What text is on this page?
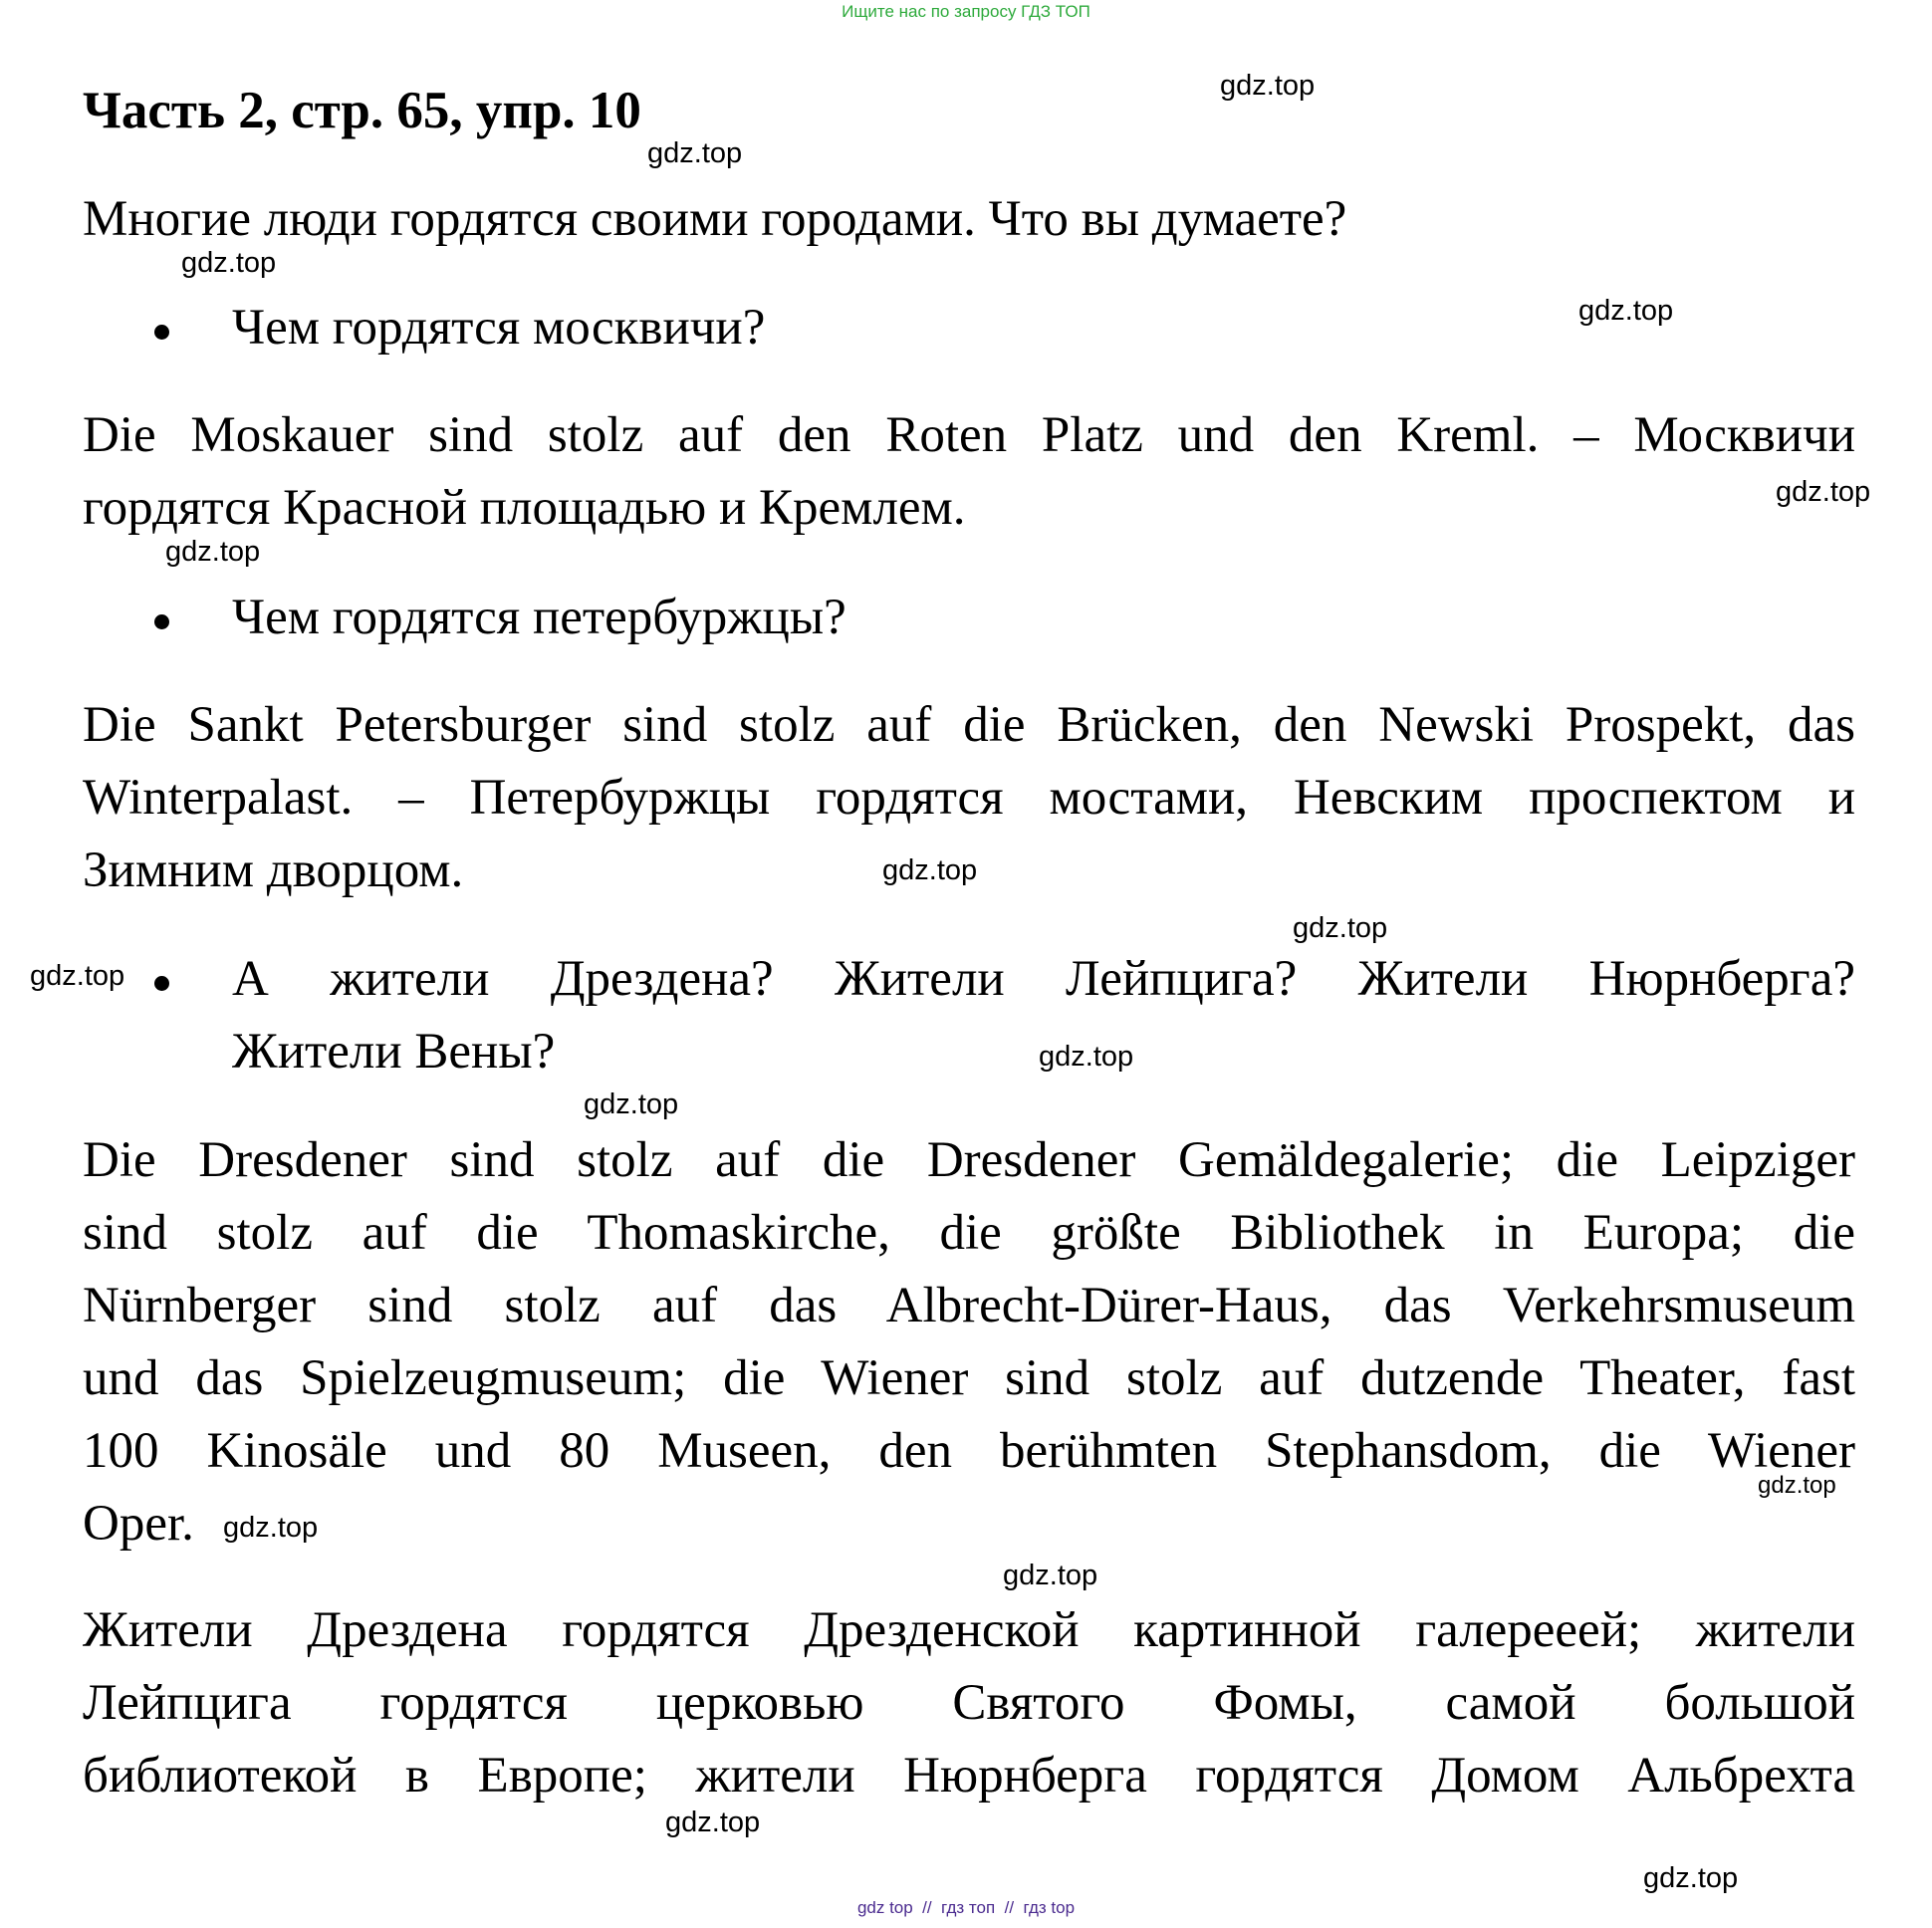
Ищите нас по запросу ГДЗ ТОП
Часть 2, стр. 65, упр. 10
Многие люди гордятся своими городами. Что вы думаете?
Чем гордятся москвичи?
Die Moskauer sind stolz auf den Roten Platz und den Kreml. – Москвичи
гордятся Красной площадью и Кремлем.
Чем гордятся петербуржцы?
Die Sankt Petersburger sind stolz auf die Brücken, den Newski Prospekt, das
Winterpalast. – Петербуржцы гордятся мостами, Невским проспектом и
Зимним дворцом.
А жители Дрездена? Жители Лейпцига? Жители Нюрнберга?
Жители Вены?
Die Dresdener sind stolz auf die Dresdener Gemäldegalerie; die Leipziger
sind stolz auf die Thomaskirche, die größte Bibliothek in Europa; die
Nürnberger sind stolz auf das Albrecht-Dürer-Haus, das Verkehrsmuseum
und das Spielzeugmuseum; die Wiener sind stolz auf dutzende Theater, fast
100 Kinosäle und 80 Museen, den berühmten Stephansdom, die Wiener
Oper.
Жители Дрездена гордятся Дрезденской картинной галерееей; жители
Лейпцига гордятся церковью Святого Фомы, самой большой
библиотекой в Европе; жители Нюрнберга гордятся Домом Альбрехта
gdz.top
gdz.top
gdz.top
gdz.top
gdz.top
gdz.top
gdz.top
gdz.top
gdz.top
gdz.top
gdz.top
gdz.top
gdz.top
gdz.top
gdz.top
gdz.top
gdz top  //  гдз топ  //  гдз top
